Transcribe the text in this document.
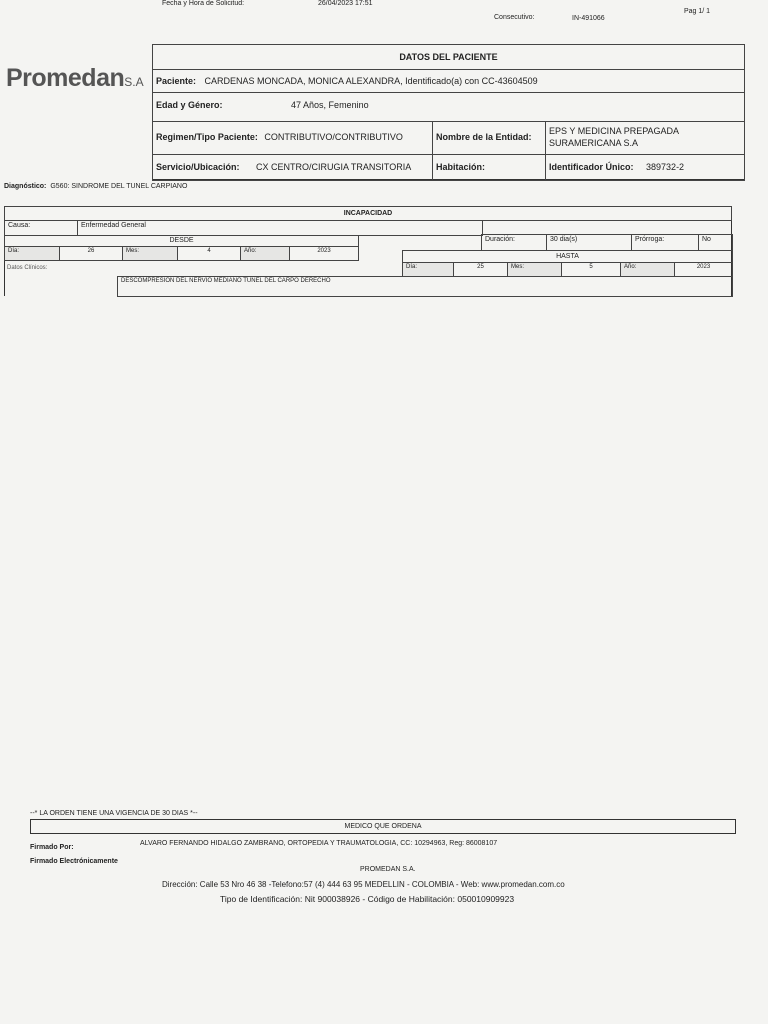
Fecha y Hora de Solicitud:	26/04/2023 17:51
Consecutivo:	IN-491066
Pag 1/ 1
PromedanS.A
DATOS DEL PACIENTE
Paciente: CARDENAS MONCADA, MONICA ALEXANDRA, Identificado(a) con CC-43604509
Edad y Género:	47 Años, Femenino
Regimen/Tipo Paciente: CONTRIBUTIVO/CONTRIBUTIVO	Nombre de la Entidad:
EPS Y MEDICINA PREPAGADA
SURAMERICANA S.A
Servicio/Ubicación: CX CENTRO/CIRUGIA TRANSITORIA	Habitación:	Identificador Único: 389732-2
Diagnóstico: G560: SINDROME DEL TUNEL CARPIANO
INCAPACIDAD
Causa:	Enfermedad General
DESDE	Duración:	30 dia(s)	Prórroga:	No
Día:	26	Mes:	4	Año:	2023
HASTA
Día:	25	Mes:	5	Año:	2023
Datos Clínicos:
DESCOMPRESION DEL NERVIO MEDIANO TUNEL DEL CARPO DERECHO
--* LA ORDEN TIENE UNA VIGENCIA DE 30 DIAS *--
MEDICO QUE ORDENA
Firmado Por:
ALVARO FERNANDO HIDALGO ZAMBRANO, ORTOPEDIA Y TRAUMATOLOGIA, CC: 10294963, Reg: 86008107
Firmado Electrónicamente
PROMEDAN S.A.
Dirección: Calle 53 Nro 46 38 -Telefono:57 (4) 444 63 95 MEDELLIN - COLOMBIA - Web: www.promedan.com.co
Tipo de Identificación: Nit 900038926 - Código de Habilitación: 050010909923
